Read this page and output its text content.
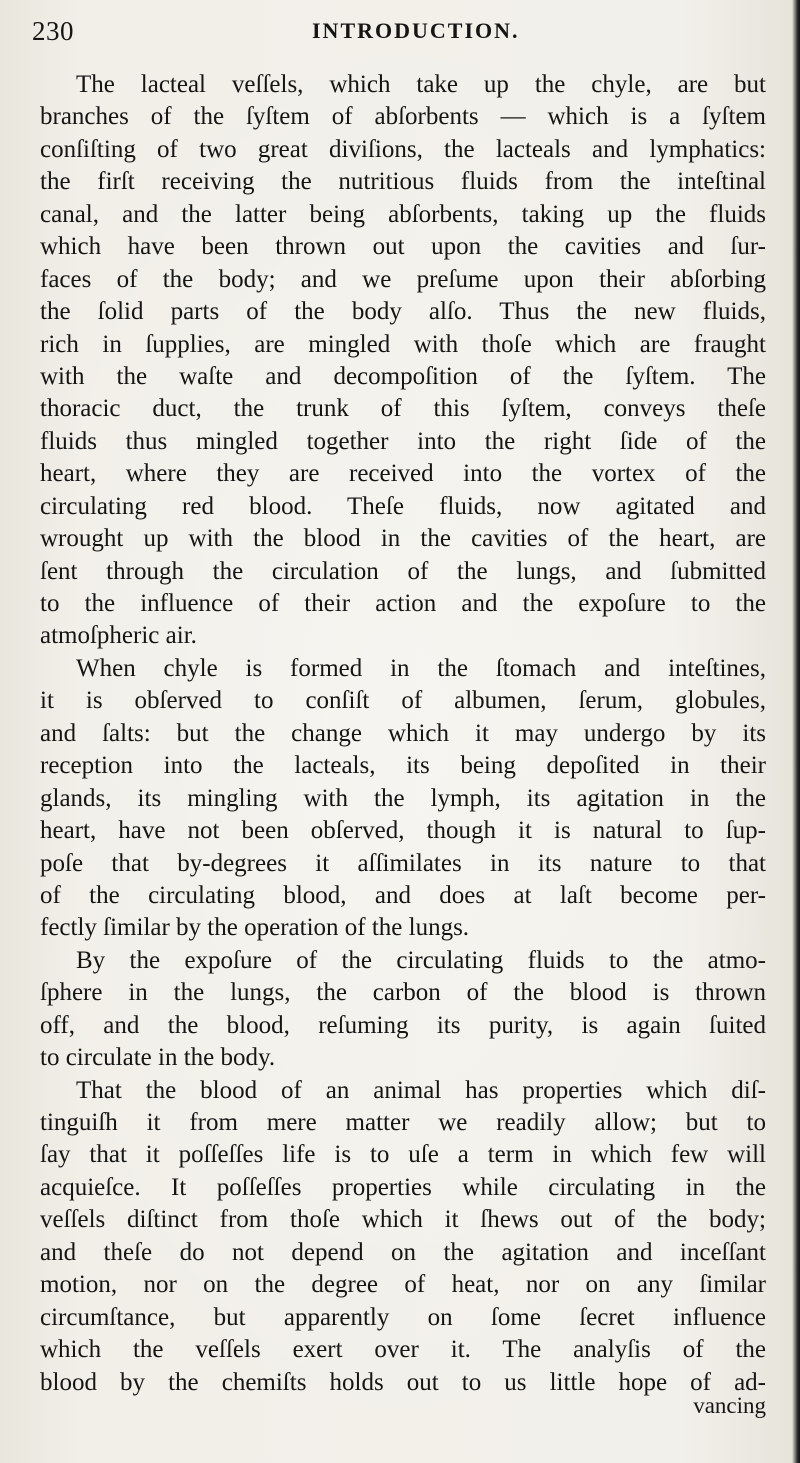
230	INTRODUCTION.
The lacteal veſſels, which take up the chyle, are but
branches of the ſyſtem of abſorbents — which is a ſyſtem
conſiſting of two great diviſions, the lacteals and lymphatics:
the firſt receiving the nutritious fluids from the inteſtinal
canal, and the latter being abſorbents, taking up the fluids
which have been thrown out upon the cavities and ſur-
faces of the body; and we preſume upon their abſorbing
the ſolid parts of the body alſo. Thus the new fluids,
rich in ſupplies, are mingled with thoſe which are fraught
with the waſte and decompoſition of the ſyſtem. The
thoracic duct, the trunk of this ſyſtem, conveys theſe
fluids thus mingled together into the right ſide of the
heart, where they are received into the vortex of the
circulating red blood. Theſe fluids, now agitated and
wrought up with the blood in the cavities of the heart, are
ſent through the circulation of the lungs, and ſubmitted
to the influence of their action and the expoſure to the
atmoſpheric air.
When chyle is formed in the ſtomach and inteſtines,
it is obſerved to conſiſt of albumen, ſerum, globules,
and ſalts: but the change which it may undergo by its
reception into the lacteals, its being depoſited in their
glands, its mingling with the lymph, its agitation in the
heart, have not been obſerved, though it is natural to ſup-
poſe that by-degrees it aſſimilates in its nature to that
of the circulating blood, and does at laſt become per-
fectly ſimilar by the operation of the lungs.
By the expoſure of the circulating fluids to the atmo-
ſphere in the lungs, the carbon of the blood is thrown
off, and the blood, reſuming its purity, is again ſuited
to circulate in the body.
That the blood of an animal has properties which diſ-
tinguiſh it from mere matter we readily allow; but to
ſay that it poſſeſſes life is to uſe a term in which few will
acquieſce. It poſſeſſes properties while circulating in the
veſſels diſtinct from thoſe which it ſhews out of the body;
and theſe do not depend on the agitation and inceſſant
motion, nor on the degree of heat, nor on any ſimilar
circumſtance, but apparently on ſome ſecret influence
which the veſſels exert over it. The analyſis of the
blood by the chemiſts holds out to us little hope of ad-
vancing
